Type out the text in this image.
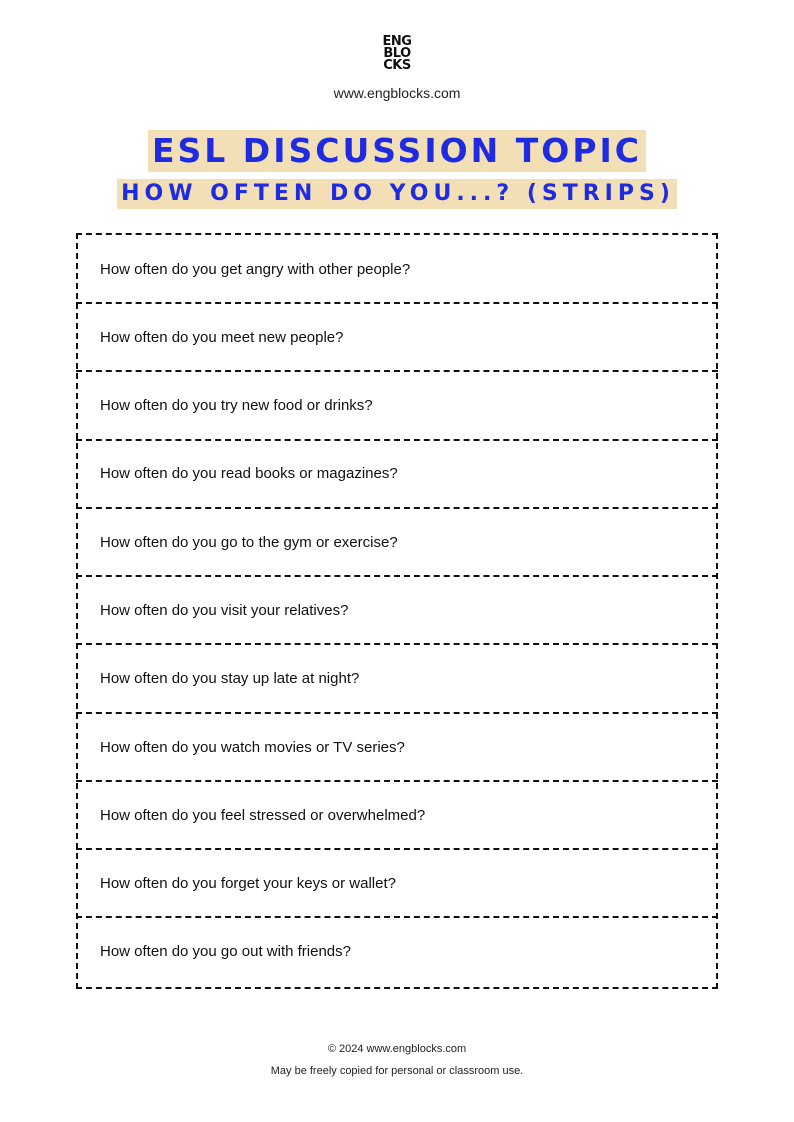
ENG
BLO
CKS
www.engblocks.com
ESL DISCUSSION TOPIC
HOW OFTEN DO YOU...? (STRIPS)
How often do you get angry with other people?
How often do you meet new people?
How often do you try new food or drinks?
How often do you read books or magazines?
How often do you go to the gym or exercise?
How often do you visit your relatives?
How often do you stay up late at night?
How often do you watch movies or TV series?
How often do you feel stressed or overwhelmed?
How often do you forget your keys or wallet?
How often do you go out with friends?
© 2024 www.engblocks.com
May be freely copied for personal or classroom use.
